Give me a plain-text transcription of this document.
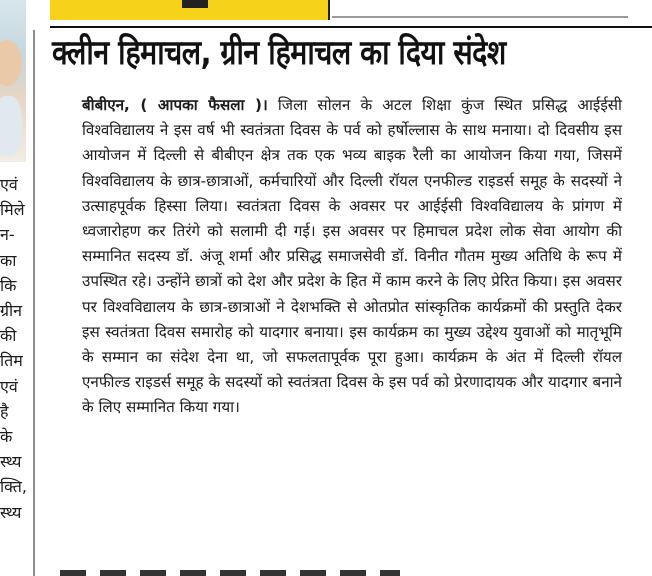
एवं
मिले
न-
का
कि
ग्रीन
की
तिम
एवं
है
के
स्थ्य
क्ति,
स्थ्य
क्लीन हिमाचल, ग्रीन हिमाचल का दिया संदेश

बीबीएन, ( आपका फैसला )। जिला सोलन के अटल शिक्षा कुंज स्थित प्रसिद्ध आईईसी विश्वविद्यालय ने इस वर्ष भी स्वतंत्रता दिवस के पर्व को हर्षोल्लास के साथ मनाया। दो दिवसीय इस आयोजन में दिल्ली से बीबीएन क्षेत्र तक एक भव्य बाइक रैली का आयोजन किया गया, जिसमें विश्वविद्यालय के छात्र-छात्राओं, कर्मचारियों और दिल्ली रॉयल एनफील्ड राइडर्स समूह के सदस्यों ने उत्साहपूर्वक हिस्सा लिया। स्वतंत्रता दिवस के अवसर पर आईईसी विश्वविद्यालय के प्रांगण में ध्वजारोहण कर तिरंगे को सलामी दी गई। इस अवसर पर हिमाचल प्रदेश लोक सेवा आयोग की सम्मानित सदस्य डॉ. अंजू शर्मा और प्रसिद्ध समाजसेवी डॉ. विनीत गौतम मुख्य अतिथि के रूप में उपस्थित रहे। उन्होंने छात्रों को देश और प्रदेश के हित में काम करने के लिए प्रेरित किया। इस अवसर पर विश्वविद्यालय के छात्र-छात्राओं ने देशभक्ति से ओतप्रोत सांस्कृतिक कार्यक्रमों की प्रस्तुति देकर इस स्वतंत्रता दिवस समारोह को यादगार बनाया। इस कार्यक्रम का मुख्य उद्देश्य युवाओं को मातृभूमि के सम्मान का संदेश देना था, जो सफलतापूर्वक पूरा हुआ। कार्यक्रम के अंत में दिल्ली रॉयल एनफील्ड राइडर्स समूह के सदस्यों को स्वतंत्रता दिवस के इस पर्व को प्रेरणादायक और यादगार बनाने के लिए सम्मानित किया गया।
